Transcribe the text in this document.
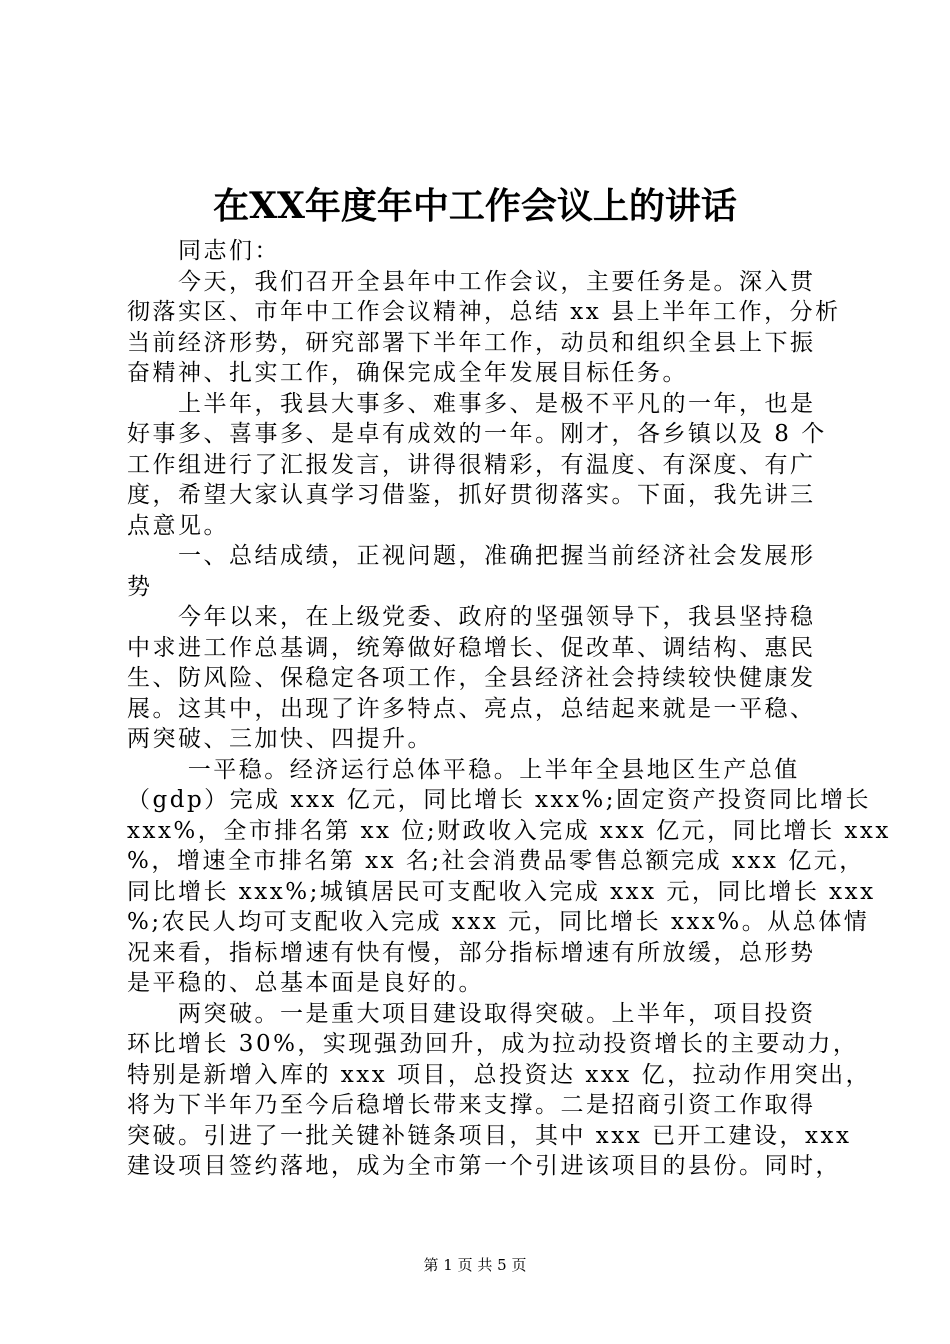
在XX年度年中工作会议上的讲话
　　同志们：
　　今天，我们召开全县年中工作会议，主要任务是。深入贯
彻落实区、市年中工作会议精神，总结 xx 县上半年工作，分析
当前经济形势，研究部署下半年工作，动员和组织全县上下振
奋精神、扎实工作，确保完成全年发展目标任务。
　　上半年，我县大事多、难事多、是极不平凡的一年，也是
好事多、喜事多、是卓有成效的一年。刚才，各乡镇以及 8 个
工作组进行了汇报发言，讲得很精彩，有温度、有深度、有广
度，希望大家认真学习借鉴，抓好贯彻落实。下面，我先讲三
点意见。
　　一、总结成绩，正视问题，准确把握当前经济社会发展形
势
　　今年以来，在上级党委、政府的坚强领导下，我县坚持稳
中求进工作总基调，统筹做好稳增长、促改革、调结构、惠民
生、防风险、保稳定各项工作，全县经济社会持续较快健康发
展。这其中，出现了许多特点、亮点，总结起来就是一平稳、
两突破、三加快、四提升。
　　 一平稳。经济运行总体平稳。上半年全县地区生产总值
（gdp）完成 xxx 亿元，同比增长 xxx%;固定资产投资同比增长
xxx%，全市排名第 xx 位;财政收入完成 xxx 亿元，同比增长 xxx
%，增速全市排名第 xx 名;社会消费品零售总额完成 xxx 亿元，
同比增长 xxx%;城镇居民可支配收入完成 xxx 元，同比增长 xxx
%;农民人均可支配收入完成 xxx 元，同比增长 xxx%。从总体情
况来看，指标增速有快有慢，部分指标增速有所放缓，总形势
是平稳的、总基本面是良好的。
　　两突破。一是重大项目建设取得突破。上半年，项目投资
环比增长 30%，实现强劲回升，成为拉动投资增长的主要动力，
特别是新增入库的 xxx 项目，总投资达 xxx 亿，拉动作用突出，
将为下半年乃至今后稳增长带来支撑。二是招商引资工作取得
突破。引进了一批关键补链条项目，其中 xxx 已开工建设，xxx
建设项目签约落地，成为全市第一个引进该项目的县份。同时，
第 1 页 共 5 页
